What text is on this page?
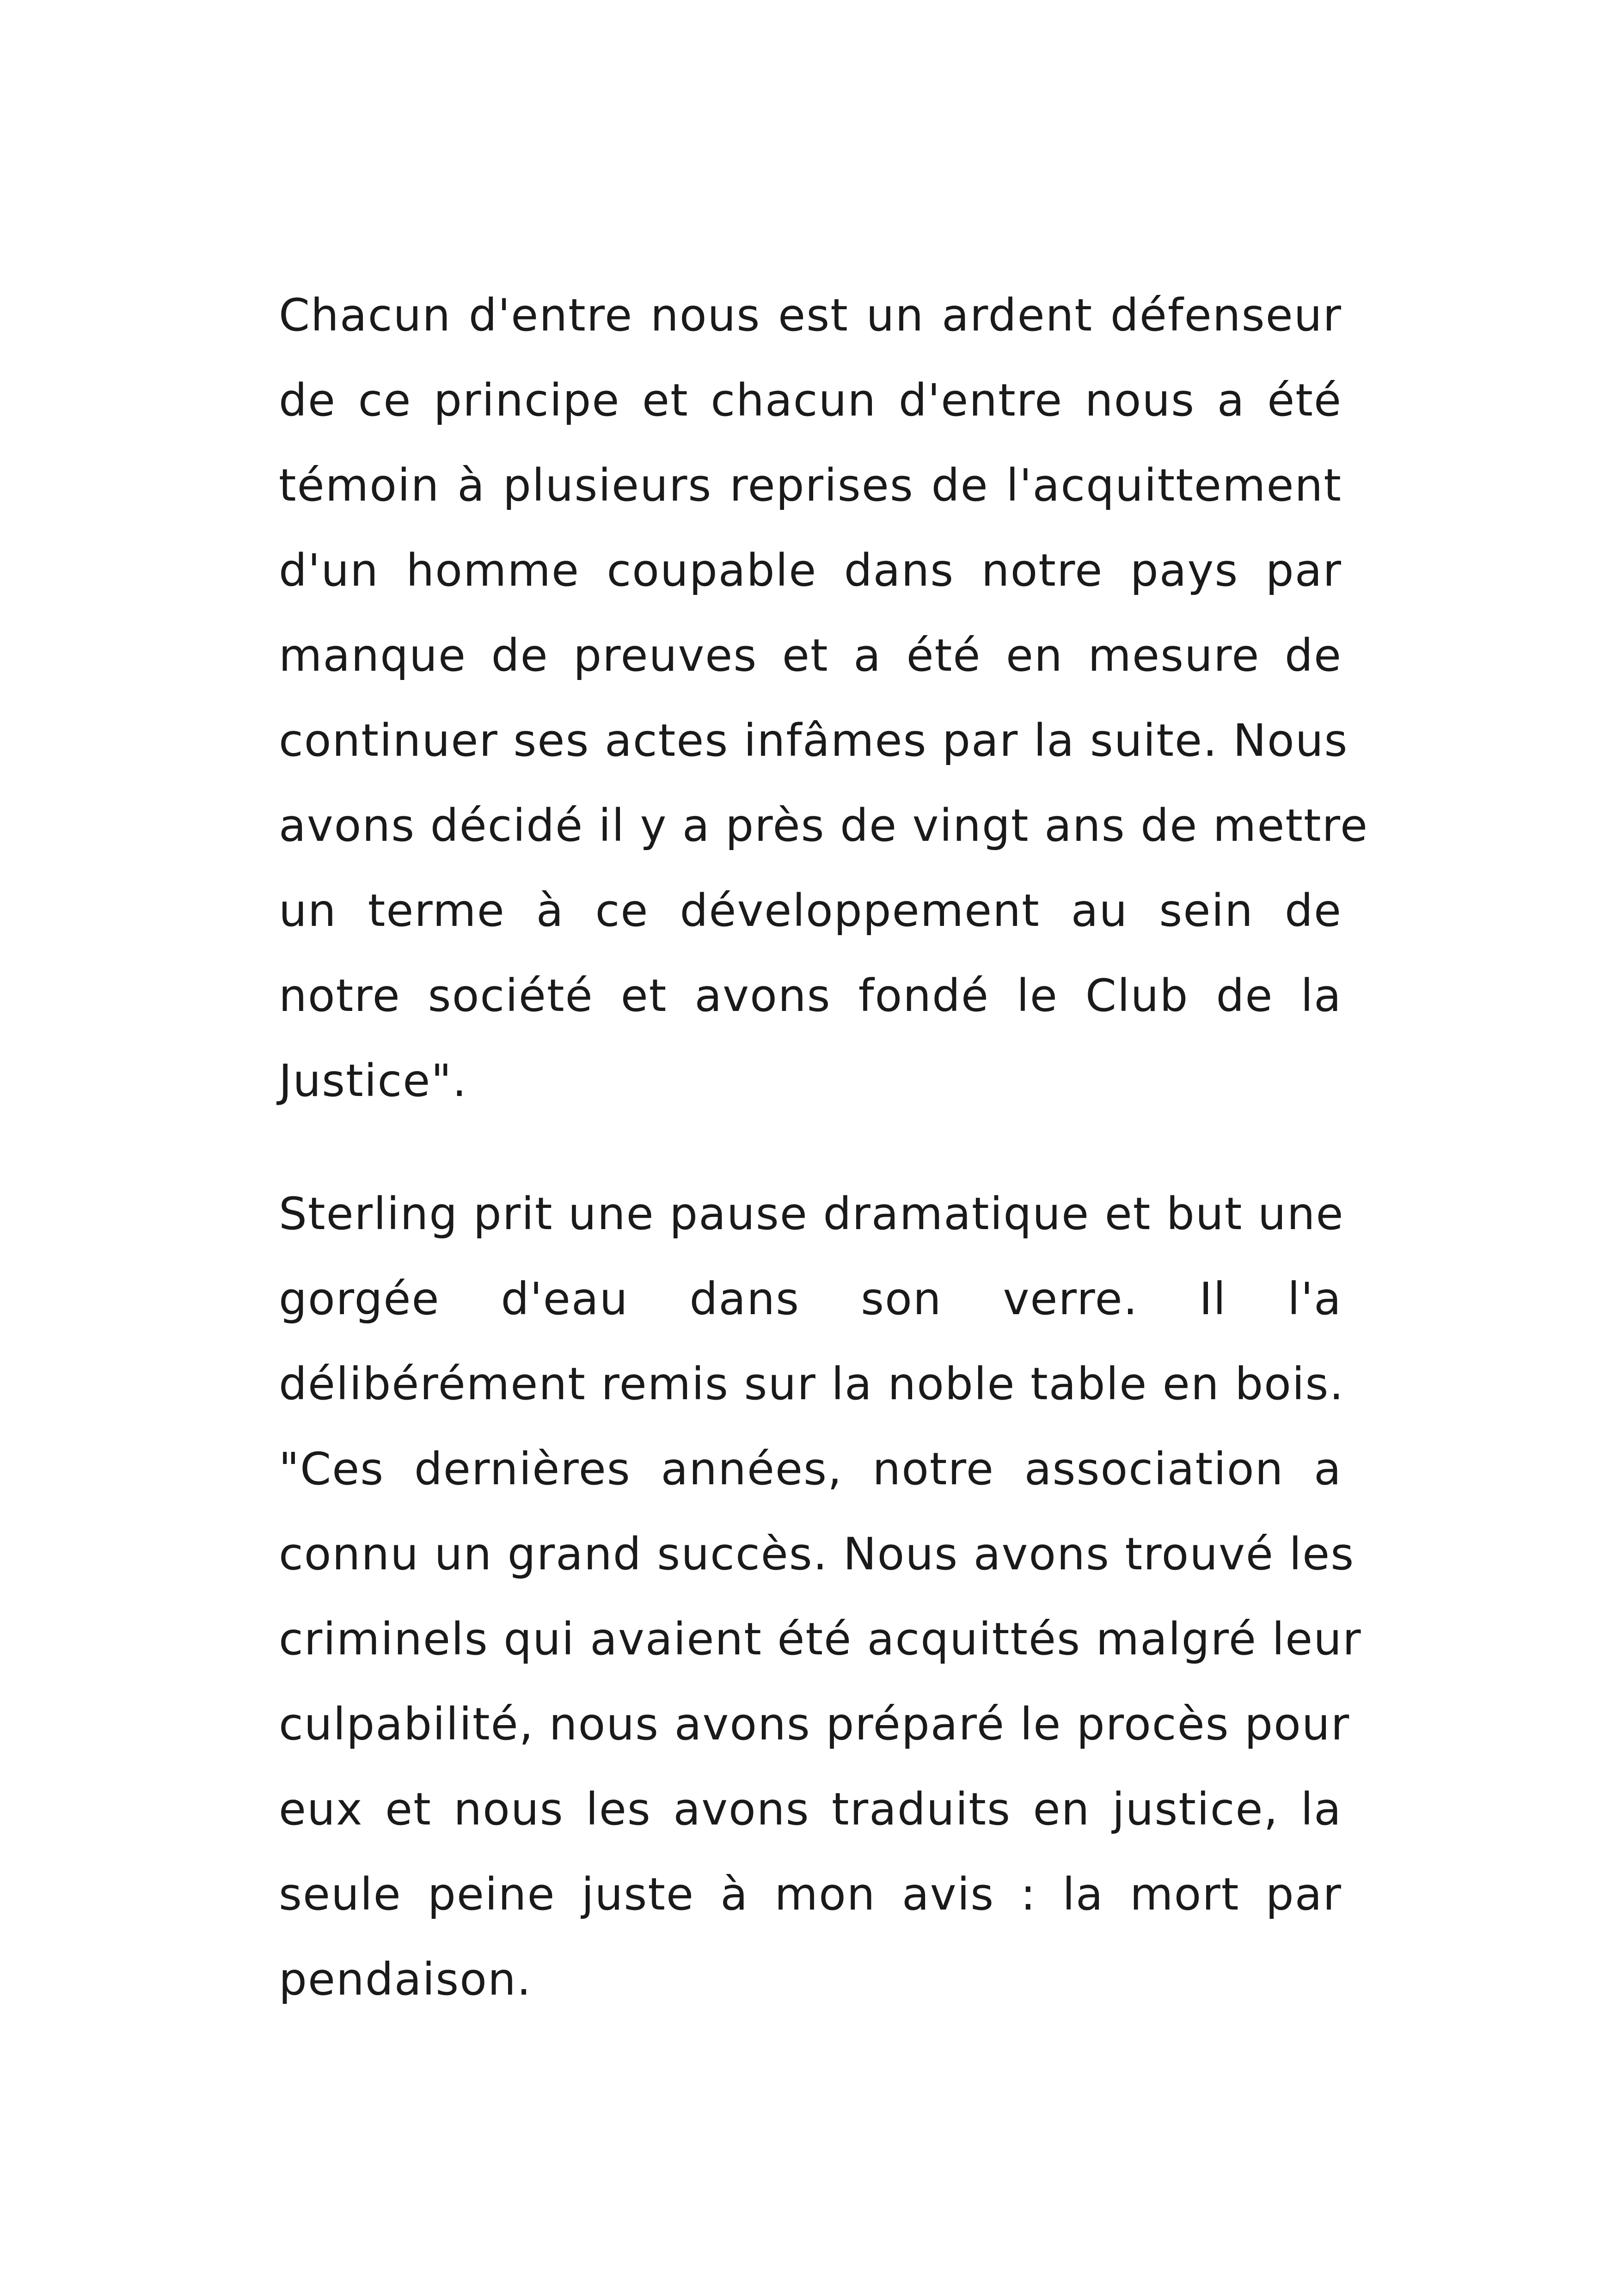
Chacun d'entre nous est un ardent défenseur
de ce principe et chacun d'entre nous a été
témoin à plusieurs reprises de l'acquittement
d'un homme coupable dans notre pays par
manque de preuves et a été en mesure de
continuer ses actes infâmes par la suite. Nous
avons décidé il y a près de vingt ans de mettre
un terme à ce développement au sein de
notre société et avons fondé le Club de la
Justice".
Sterling prit une pause dramatique et but une
gorgée d'eau dans son verre. Il l'a
délibérément remis sur la noble table en bois.
"Ces dernières années, notre association a
connu un grand succès. Nous avons trouvé les
criminels qui avaient été acquittés malgré leur
culpabilité, nous avons préparé le procès pour
eux et nous les avons traduits en justice, la
seule peine juste à mon avis : la mort par
pendaison.
